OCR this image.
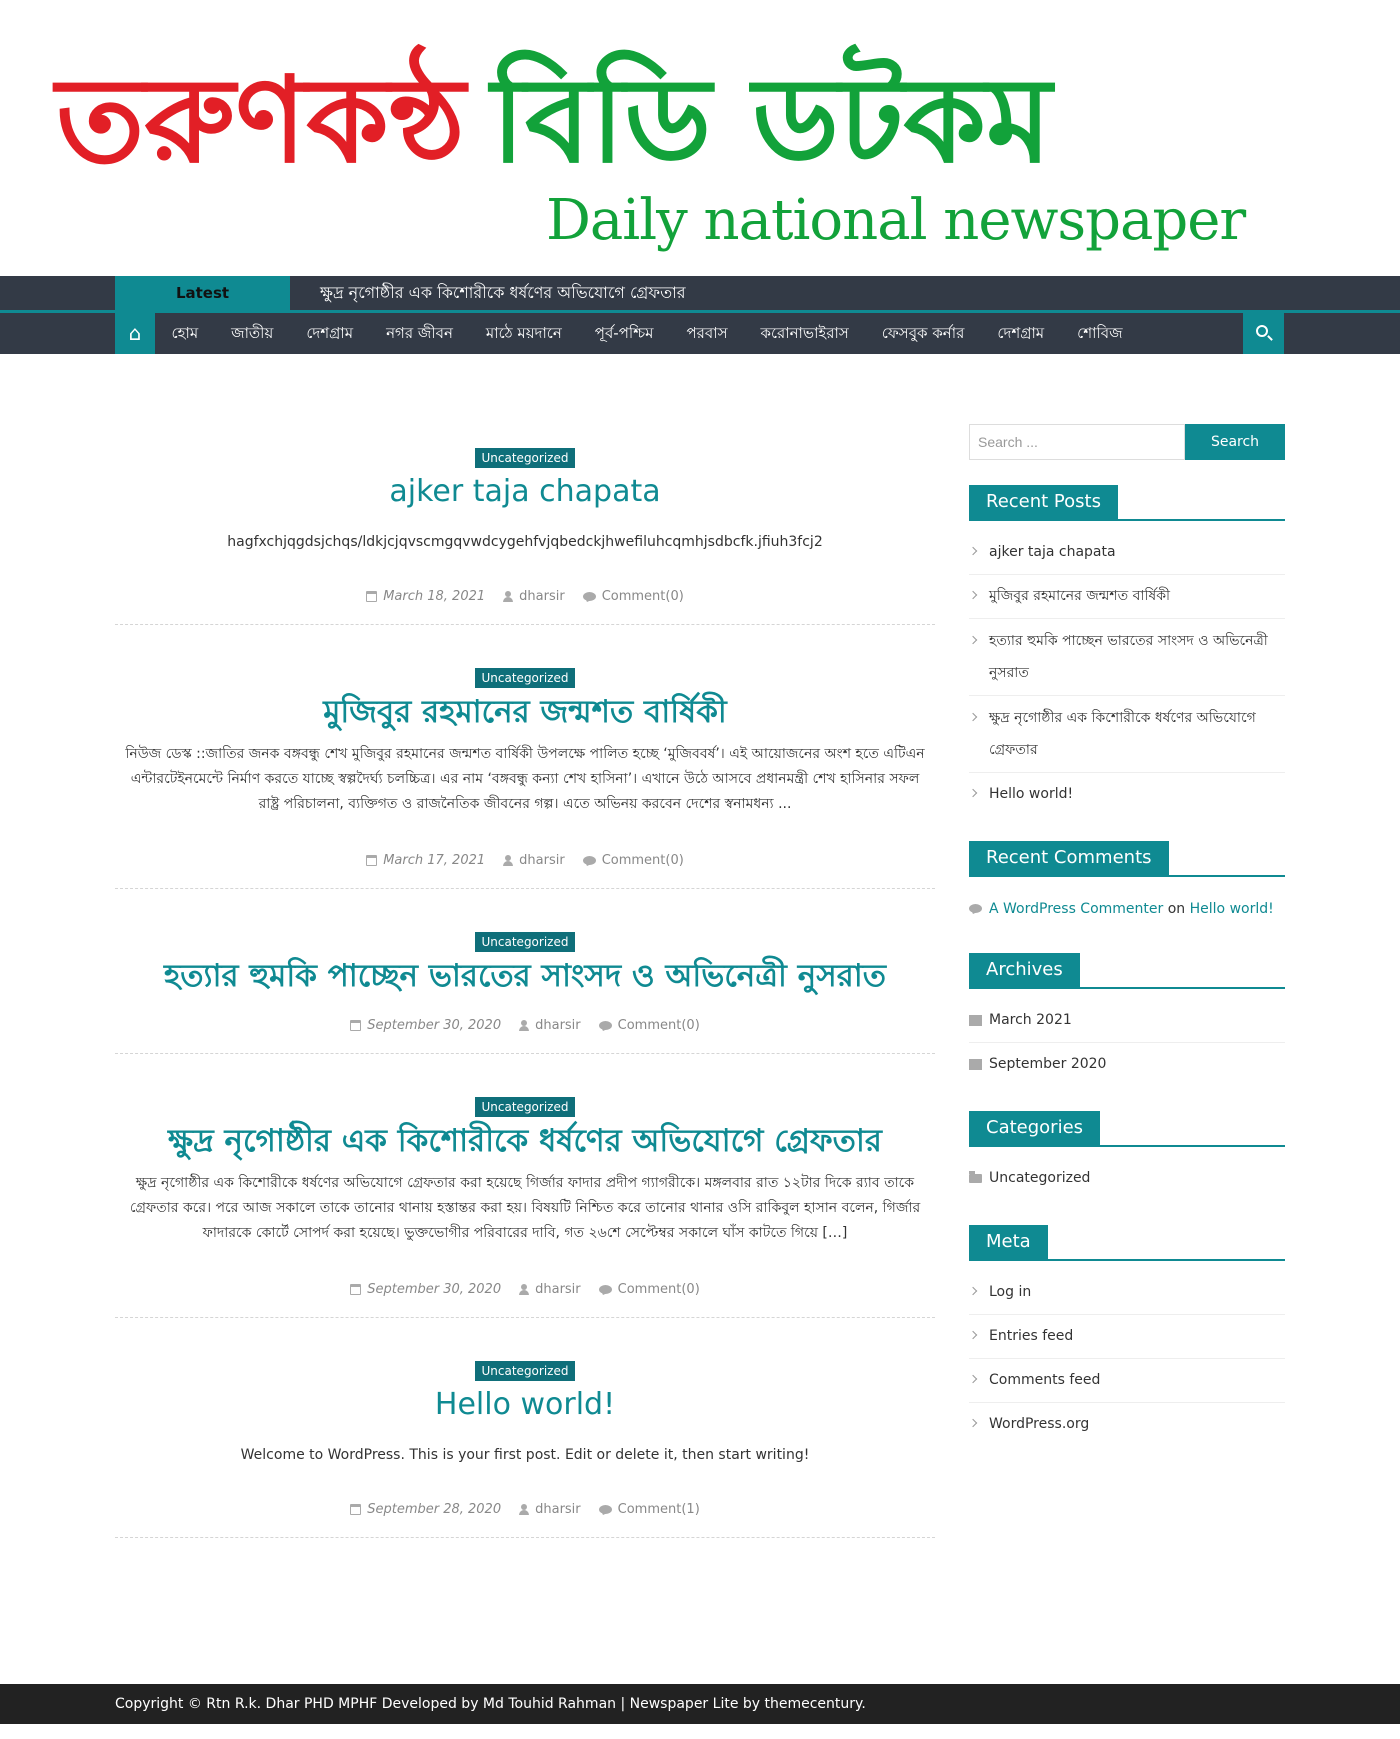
তরুণকন্ঠ বিডি ডটকম
Daily national newspaper
Latest	ক্ষুদ্র নৃগোষ্ঠীর এক কিশোরীকে ধর্ষণের অভিযোগে গ্রেফতার
⌂	হোম	জাতীয়	দেশগ্রাম	নগর জীবন	মাঠে ময়দানে	পূর্ব-পশ্চিম	পরবাস	করোনাভাইরাস	ফেসবুক কর্নার	দেশগ্রাম	শোবিজ
Uncategorized
ajker taja chapata

hagfxchjqgdsjchqs/ldkjcjqvscmgqvwdcygehfvjqbedckjhwefiluhcqmhjsdbcfk.jfiuh3fcj2

March 18, 2021	dharsir	Comment(0)
Uncategorized
মুজিবুর রহমানের জন্মশত বার্ষিকী

নিউজ ডেস্ক ::জাতির জনক বঙ্গবন্ধু শেখ মুজিবুর রহমানের জন্মশত বার্ষিকী উপলক্ষে পালিত হচ্ছে ‘মুজিববর্ষ’। এই আয়োজনের অংশ হতে এটিএন এন্টারটেইনমেন্টে নির্মাণ করতে যাচ্ছে স্বল্পদৈর্ঘ্য চলচ্চিত্র। এর নাম ‘বঙ্গবন্ধু কন্যা শেখ হাসিনা’। এখানে উঠে আসবে প্রধানমন্ত্রী শেখ হাসিনার সফল রাষ্ট্র পরিচালনা, ব্যক্তিগত ও রাজনৈতিক জীবনের গল্প। এতে অভিনয় করবেন দেশের স্বনামধন্য ...

March 17, 2021	dharsir	Comment(0)
Uncategorized
হত্যার হুমকি পাচ্ছেন ভারতের সাংসদ ও অভিনেত্রী নুসরাত
September 30, 2020	dharsir	Comment(0)
Uncategorized
ক্ষুদ্র নৃগোষ্ঠীর এক কিশোরীকে ধর্ষণের অভিযোগে গ্রেফতার

ক্ষুদ্র নৃগোষ্ঠীর এক কিশোরীকে ধর্ষণের অভিযোগে গ্রেফতার করা হয়েছে গির্জার ফাদার প্রদীপ গ্যাগরীকে। মঙ্গলবার রাত ১২টার দিকে র‌্যাব তাকে গ্রেফতার করে। পরে আজ সকালে তাকে তানোর থানায় হস্তান্তর করা হয়। বিষয়টি নিশ্চিত করে তানোর থানার ওসি রাকিবুল হাসান বলেন, গির্জার ফাদারকে কোর্টে সোপর্দ করা হয়েছে। ভুক্তভোগীর পরিবারের দাবি, গত ২৬শে সেপ্টেম্বর সকালে ঘাঁস কাটতে গিয়ে […]

September 30, 2020	dharsir	Comment(0)
Uncategorized
Hello world!

Welcome to WordPress. This is your first post. Edit or delete it, then start writing!

September 28, 2020	dharsir	Comment(1)
Search ...
Search
Recent Posts
ajker taja chapata
মুজিবুর রহমানের জন্মশত বার্ষিকী
হত্যার হুমকি পাচ্ছেন ভারতের সাংসদ ও অভিনেত্রী নুসরাত
ক্ষুদ্র নৃগোষ্ঠীর এক কিশোরীকে ধর্ষণের অভিযোগে গ্রেফতার
Hello world!
Recent Comments
A WordPress Commenter on Hello world!
Archives
March 2021
September 2020
Categories
Uncategorized
Meta
Log in
Entries feed
Comments feed
WordPress.org
Copyright © Rtn R.k. Dhar PHD MPHF Developed by Md Touhid Rahman | Newspaper Lite by themecentury.
